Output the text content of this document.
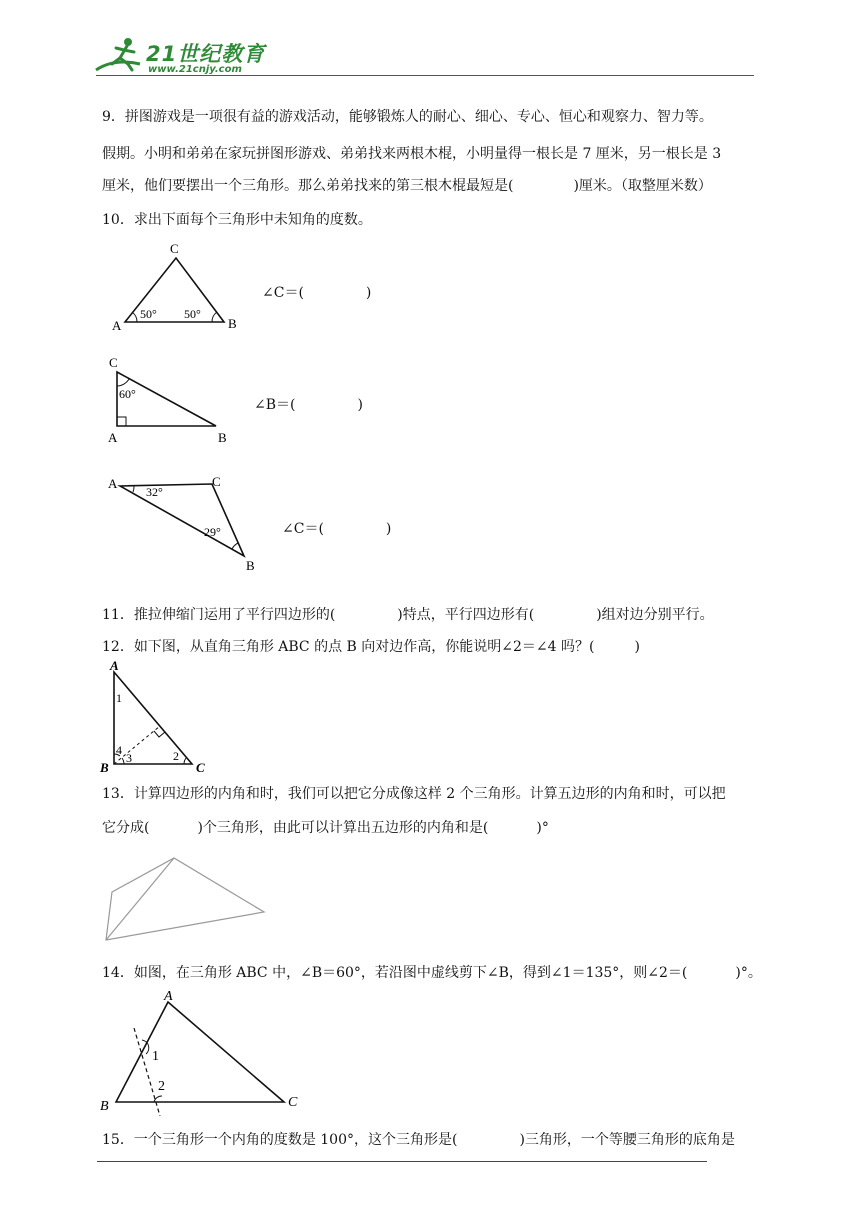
21世纪教育
www.21cnjy.com
9．拼图游戏是一项很有益的游戏活动，能够锻炼人的耐心、细心、专心、恒心和观察力、智力等。
假期。小明和弟弟在家玩拼图形游戏、弟弟找来两根木棍，小明量得一根长是 7 厘米，另一根长是 3
厘米，他们要摆出一个三角形。那么弟弟找来的第三根木棍最短是(	)厘米。（取整厘米数）
10．求出下面每个三角形中未知角的度数。
A	B
C
50° 50°
∠C＝(	)
C
A	B
60°
∠B＝(	)
A	C
B
32°
29°	∠C＝(	)
11．推拉伸缩门运用了平行四边形的(	)特点，平行四边形有(	)组对边分别平行。
12．如下图，从直角三角形 ABC 的点 B 向对边作高，你能说明∠2＝∠4 吗？(	)
A
B	C
1
2
3
4
13．计算四边形的内角和时，我们可以把它分成像这样 2 个三角形。计算五边形的内角和时，可以把
它分成(	)个三角形，由此可以计算出五边形的内角和是(	)°
14．如图，在三角形 ABC 中，∠B＝60°，若沿图中虚线剪下∠B，得到∠1＝135°，则∠2＝(	)°。
A
B	C
1
2
15．一个三角形一个内角的度数是 100°，这个三角形是(	)三角形，一个等腰三角形的底角是
